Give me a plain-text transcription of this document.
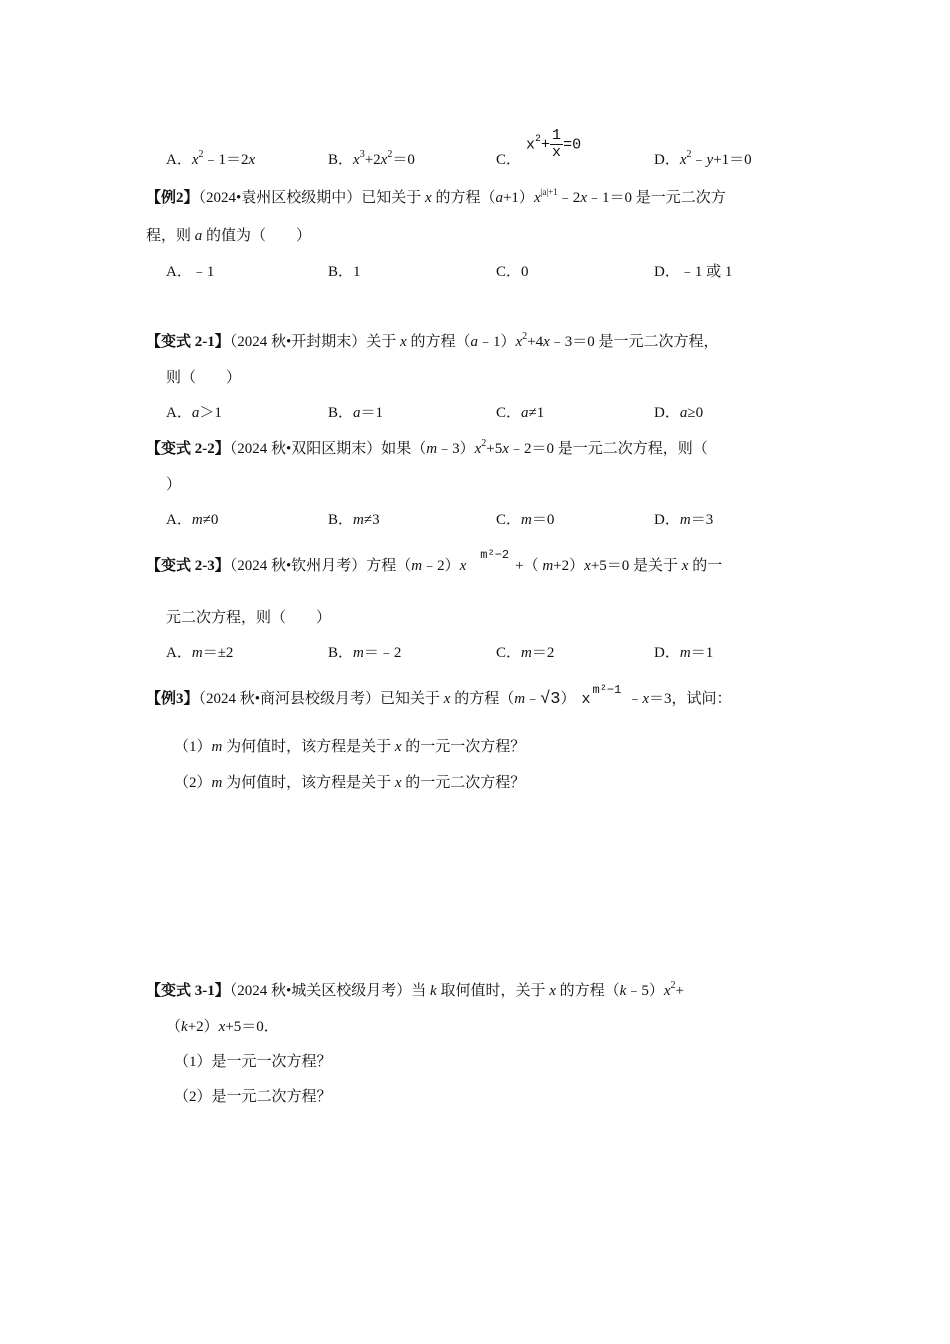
A．$x^2﹣1=2x$	B．$x^3+2x^2=0$	C．
$x^2+ \frac{1}{x} =0$
D．$x^2﹣y+1=0$
【例2】（2024•袁州区校级期中）已知关于 x 的方程$(a+1)x^{|a|+1}﹣2x﹣1=0$ 是一元二次方
程，则 a 的值为（　　）
A．﹣1	B．1	C．0	D．﹣1 或 1
【变式 2-1】（2024 秋•开封期末）关于 x 的方程$(a﹣1)x^2+4x﹣3=0$ 是一元二次方程，
则（　　）
A．a＞1	B．a＝1	C．a≠1	D．a≥0
【变式 2-2】（2024 秋•双阳区期末）如果$(m﹣3)x^2+5x﹣2=0$ 是一元二次方程，则（
）
A．m≠0	B．m≠3	C．m＝0	D．m＝3
【变式 2-3】（2024 秋•钦州月考）方程$(m﹣2)x^{m^2-2}+$（ m+2）x+5＝0 是关于 x 的一
元二次方程，则（　　）
A．m＝±2	B．m＝﹣2	C．m＝2	D．m＝1
【例3】（2024 秋•商河县校级月考）已知关于 x 的方程（m﹣√3） $x^{m^2-1}﹣x=3$，试问：
（1）m 为何值时，该方程是关于 x 的一元一次方程？
（2）m 为何值时，该方程是关于 x 的一元二次方程？
【变式 3-1】（2024 秋•城关区校级月考）当 k 取何值时，关于 x 的方程$(k﹣5)x^2+$
（k+2）x+5＝0．
（1）是一元一次方程？
（2）是一元二次方程？
